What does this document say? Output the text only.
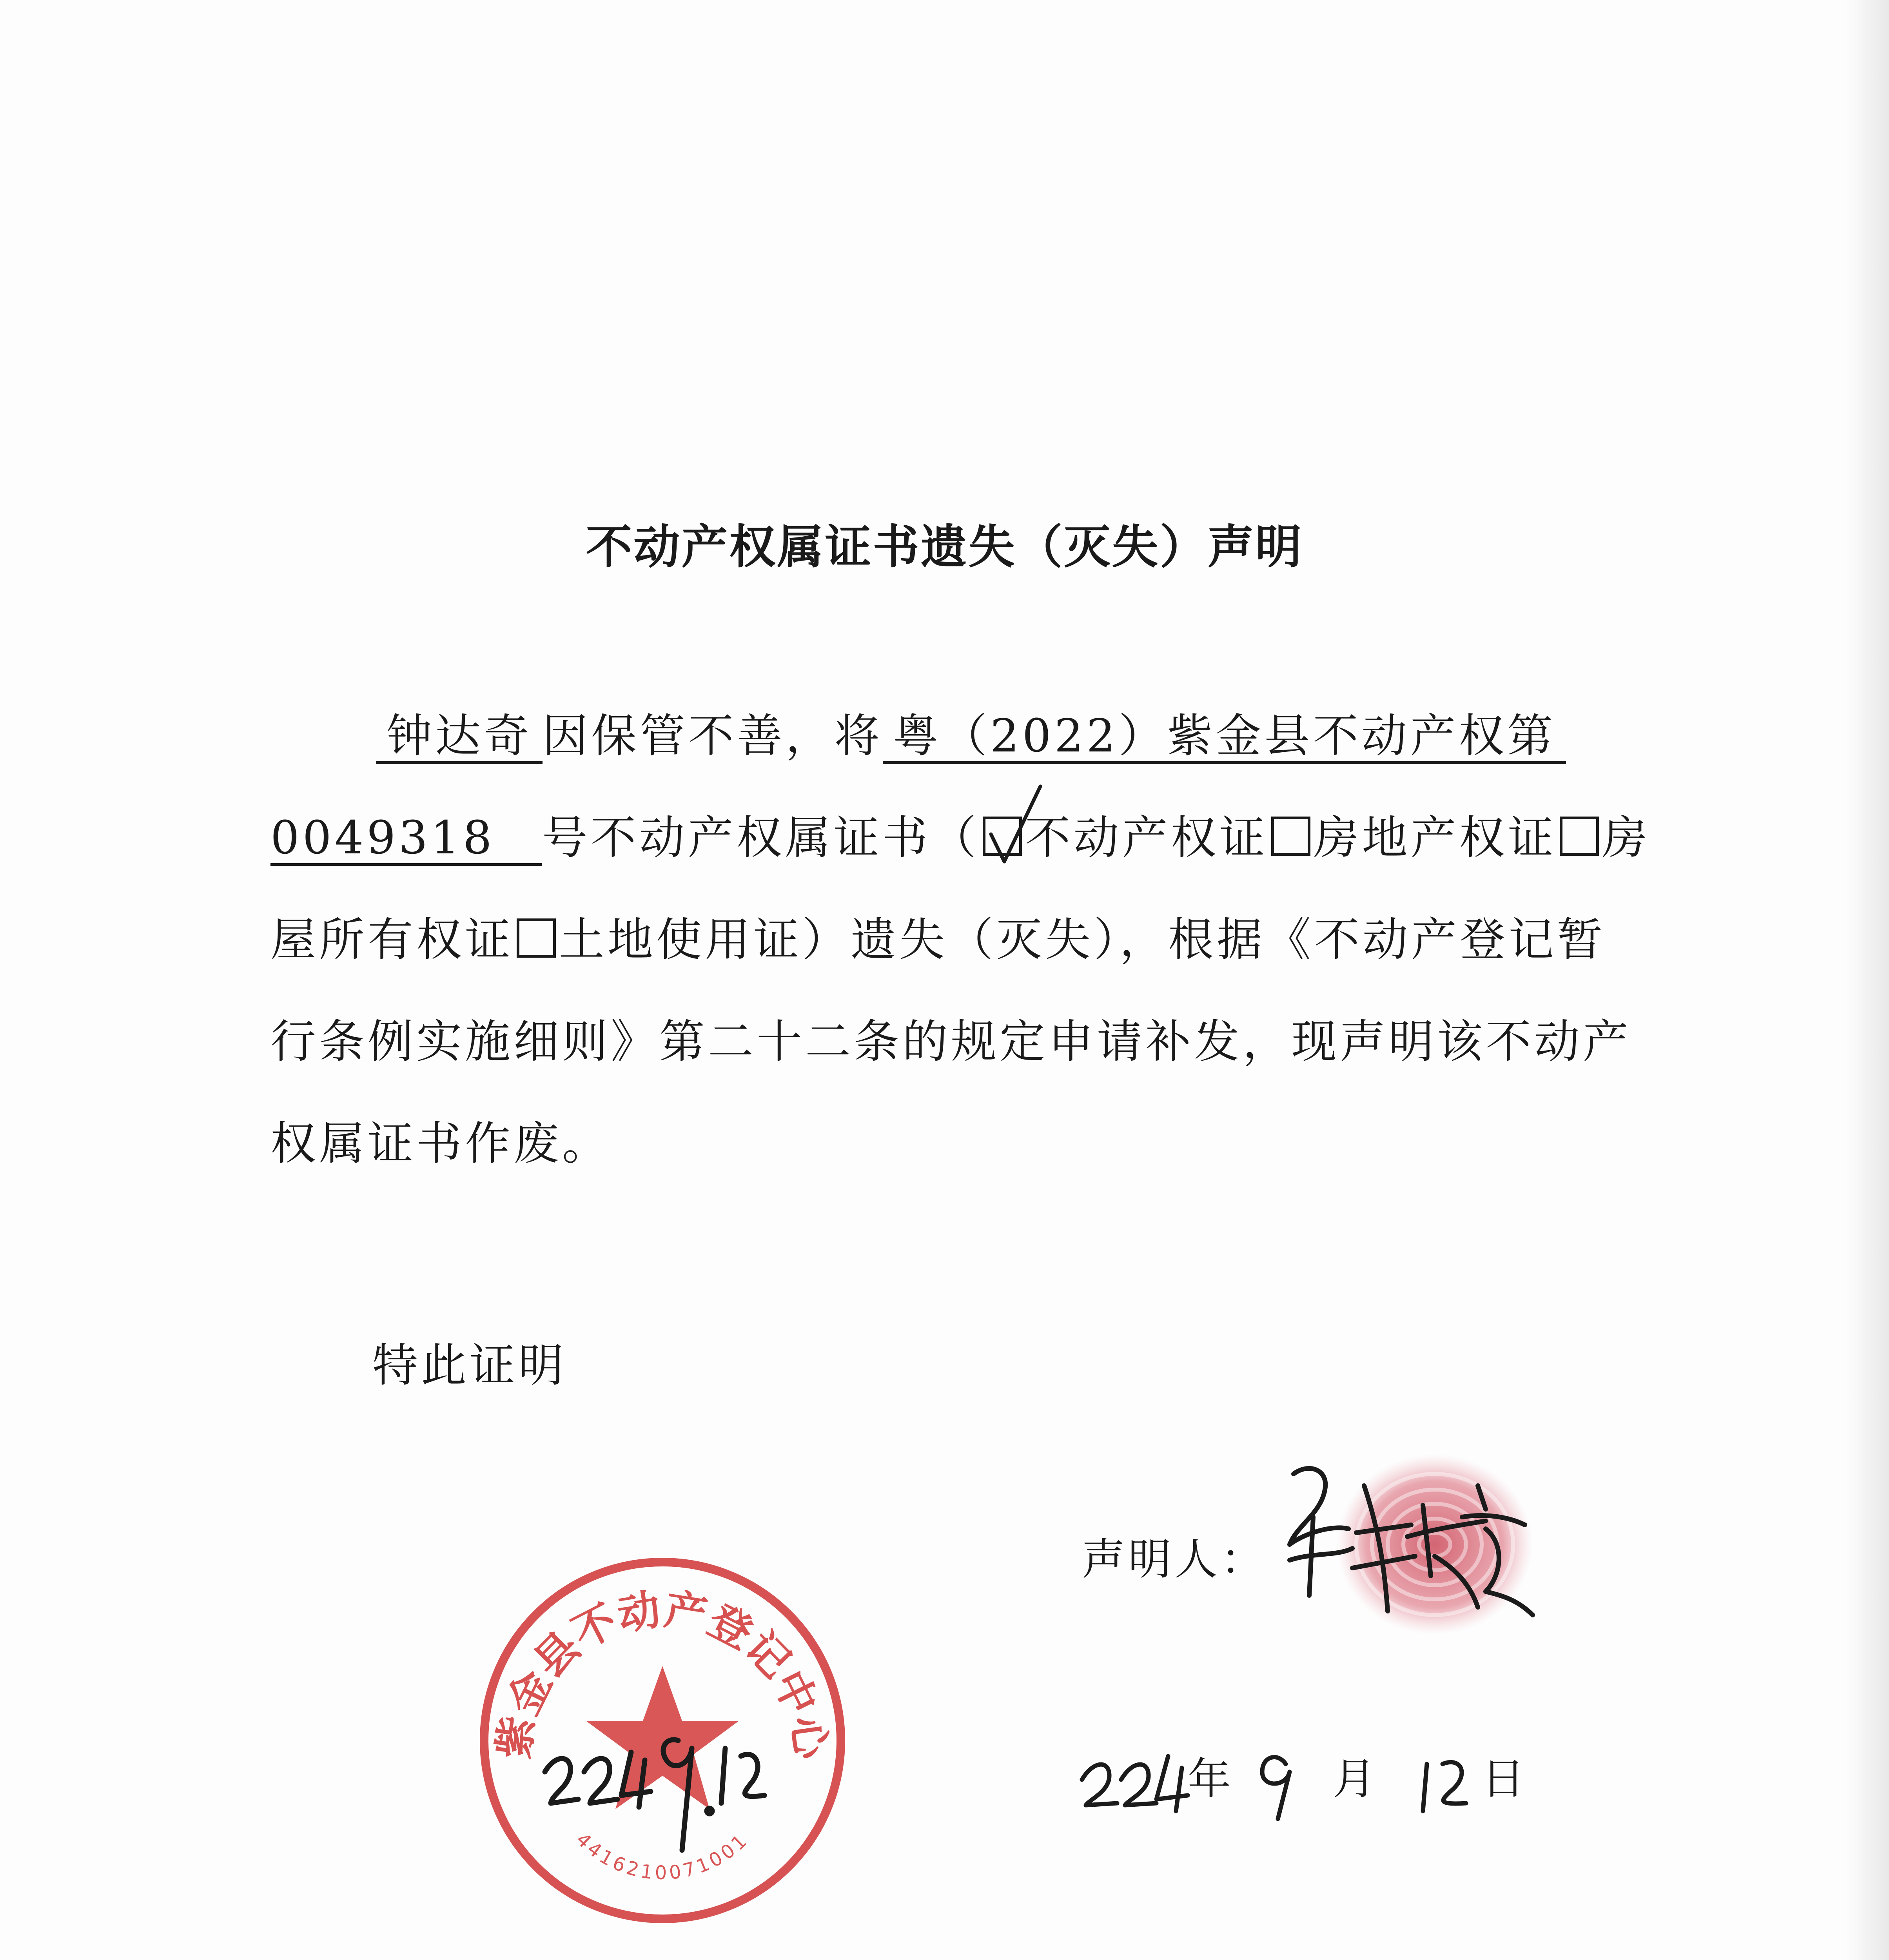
不动产权属证书遗失（灭失）声明

钟达奇 因保管不善，将 粤（2022）紫金县不动产权第

0049318 号不动产权属证书（ 不动产权证 房地产权证 房

屋所有权证 土地使用证）遗失（灭失），根据《不动产登记暂

行条例实施细则》第二十二条的规定申请补发，现声明该不动产

权属证书作废。

特此证明

声明人：

年 月 日
紫金县不动产登记中心
4416210071001
